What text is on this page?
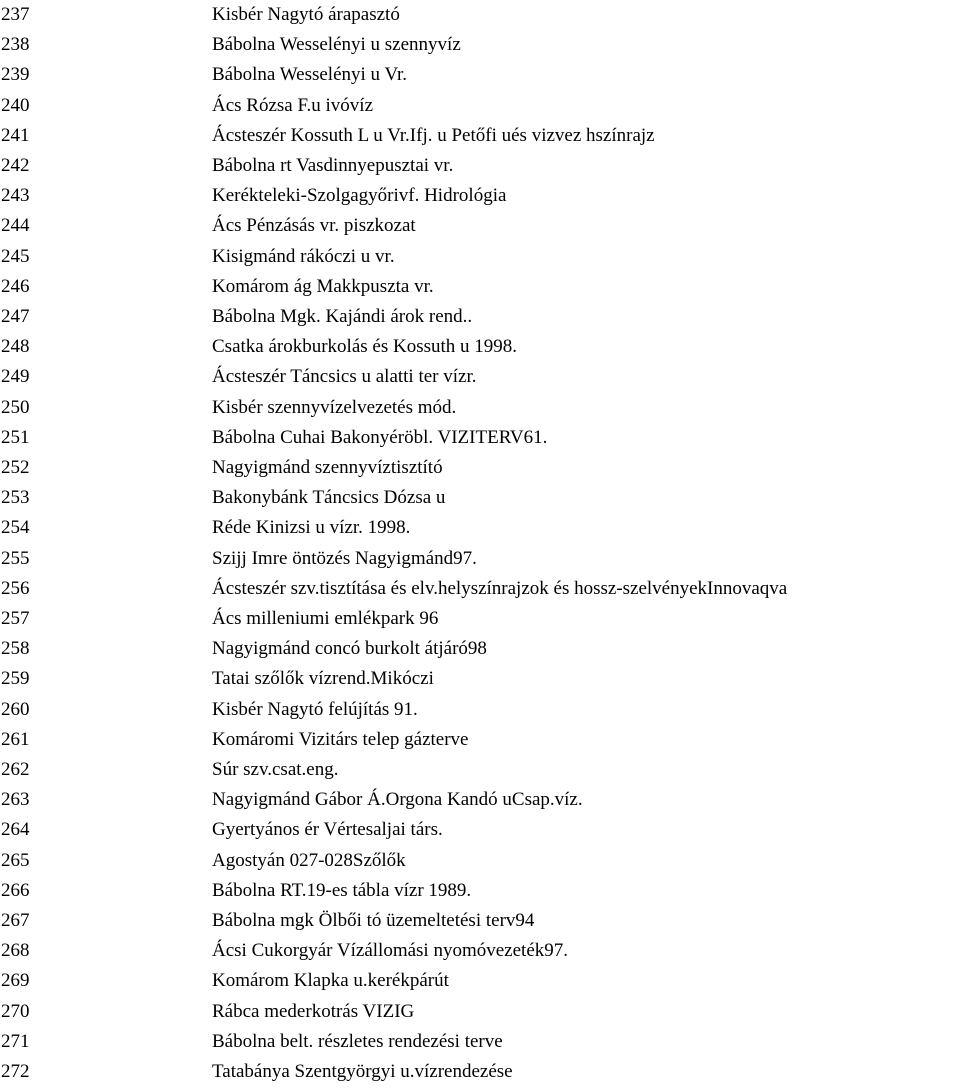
237	Kisbér Nagytó árapasztó
238	Bábolna Wesselényi u szennyvíz
239	Bábolna Wesselényi u Vr.
240	Ács Rózsa F.u ivóvíz
241	Ácsteszér Kossuth L u Vr.Ifj. u Petőfi ués vizvez hszínrajz
242	Bábolna rt Vasdinnyepusztai vr.
243	Kerékteleki-Szolgagyőrivf. Hidrológia
244	Ács Pénzásás vr. piszkozat
245	Kisigmánd rákóczi u vr.
246	Komárom ág Makkpuszta vr.
247	Bábolna Mgk. Kajándi árok rend..
248	Csatka árokburkolás és Kossuth u 1998.
249	Ácsteszér Táncsics u alatti ter vízr.
250	Kisbér szennyvízelvezetés mód.
251	Bábolna Cuhai Bakonyéröbl. VIZITERV61.
252	Nagyigmánd szennyvíztisztító
253	Bakonybánk Táncsics Dózsa u
254	Réde Kinizsi u vízr. 1998.
255	Szijj Imre öntözés Nagyigmánd97.
256	Ácsteszér szv.tisztítása és elv.helyszínrajzok és hossz-szelvényekInnovaqva
257	Ács milleniumi emlékpark 96
258	Nagyigmánd concó burkolt átjáró98
259	Tatai szőlők vízrend.Mikóczi
260	Kisbér Nagytó felújítás 91.
261	Komáromi Vizitárs telep gázterve
262	Súr szv.csat.eng.
263	Nagyigmánd Gábor Á.Orgona Kandó uCsap.víz.
264	Gyertyános ér Vértesaljai társ.
265	Agostyán 027-028Szőlők
266	Bábolna RT.19-es tábla vízr 1989.
267	Bábolna mgk Ölbői tó üzemeltetési terv94
268	Ácsi Cukorgyár Vízállomási nyomóvezeték97.
269	Komárom Klapka u.kerékpárút
270	Rábca mederkotrás VIZIG
271	Bábolna belt. részletes rendezési terve
272	Tatabánya Szentgyörgyi u.vízrendezése
